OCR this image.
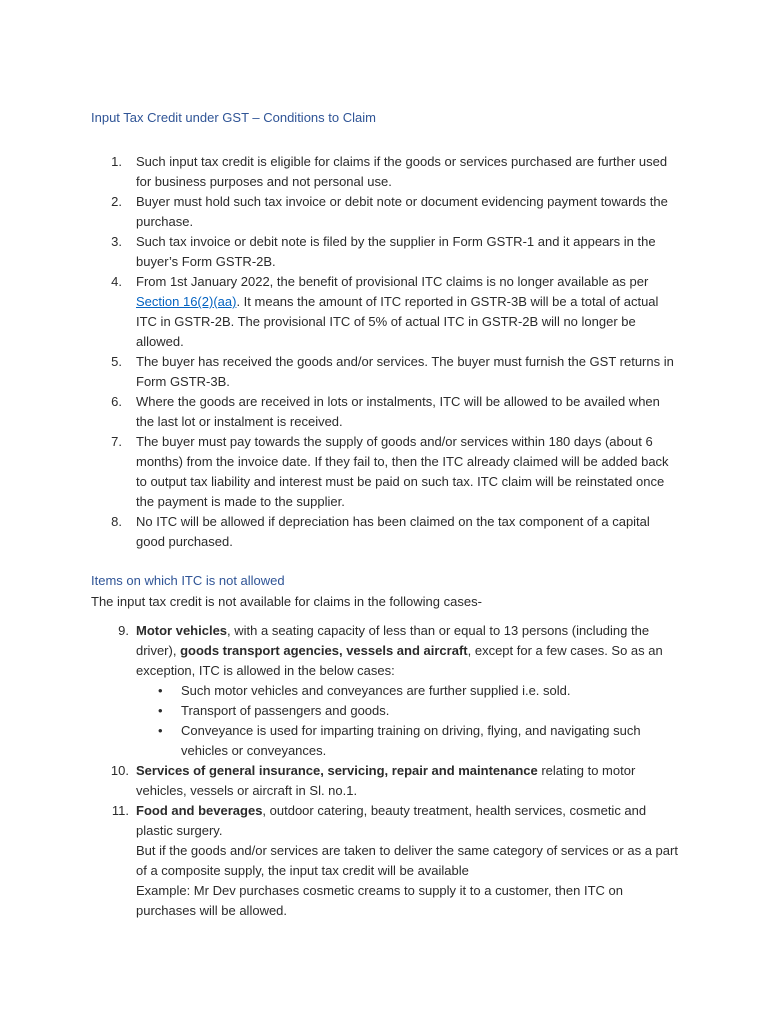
Input Tax Credit under GST – Conditions to Claim
1. Such input tax credit is eligible for claims if the goods or services purchased are further used for business purposes and not personal use.
2. Buyer must hold such tax invoice or debit note or document evidencing payment towards the purchase.
3. Such tax invoice or debit note is filed by the supplier in Form GSTR-1 and it appears in the buyer’s Form GSTR-2B.
4. From 1st January 2022, the benefit of provisional ITC claims is no longer available as per Section 16(2)(aa). It means the amount of ITC reported in GSTR-3B will be a total of actual ITC in GSTR-2B. The provisional ITC of 5% of actual ITC in GSTR-2B will no longer be allowed.
5. The buyer has received the goods and/or services. The buyer must furnish the GST returns in Form GSTR-3B.
6. Where the goods are received in lots or instalments, ITC will be allowed to be availed when the last lot or instalment is received.
7. The buyer must pay towards the supply of goods and/or services within 180 days (about 6 months) from the invoice date. If they fail to, then the ITC already claimed will be added back to output tax liability and interest must be paid on such tax. ITC claim will be reinstated once the payment is made to the supplier.
8. No ITC will be allowed if depreciation has been claimed on the tax component of a capital good purchased.
Items on which ITC is not allowed
The input tax credit is not available for claims in the following cases-
9. Motor vehicles, with a seating capacity of less than or equal to 13 persons (including the driver), goods transport agencies, vessels and aircraft, except for a few cases. So as an exception, ITC is allowed in the below cases:
• Such motor vehicles and conveyances are further supplied i.e. sold.
• Transport of passengers and goods.
• Conveyance is used for imparting training on driving, flying, and navigating such vehicles or conveyances.
10. Services of general insurance, servicing, repair and maintenance relating to motor vehicles, vessels or aircraft in Sl. no.1.
11. Food and beverages, outdoor catering, beauty treatment, health services, cosmetic and plastic surgery.
But if the goods and/or services are taken to deliver the same category of services or as a part of a composite supply, the input tax credit will be available
Example: Mr Dev purchases cosmetic creams to supply it to a customer, then ITC on purchases will be allowed.
